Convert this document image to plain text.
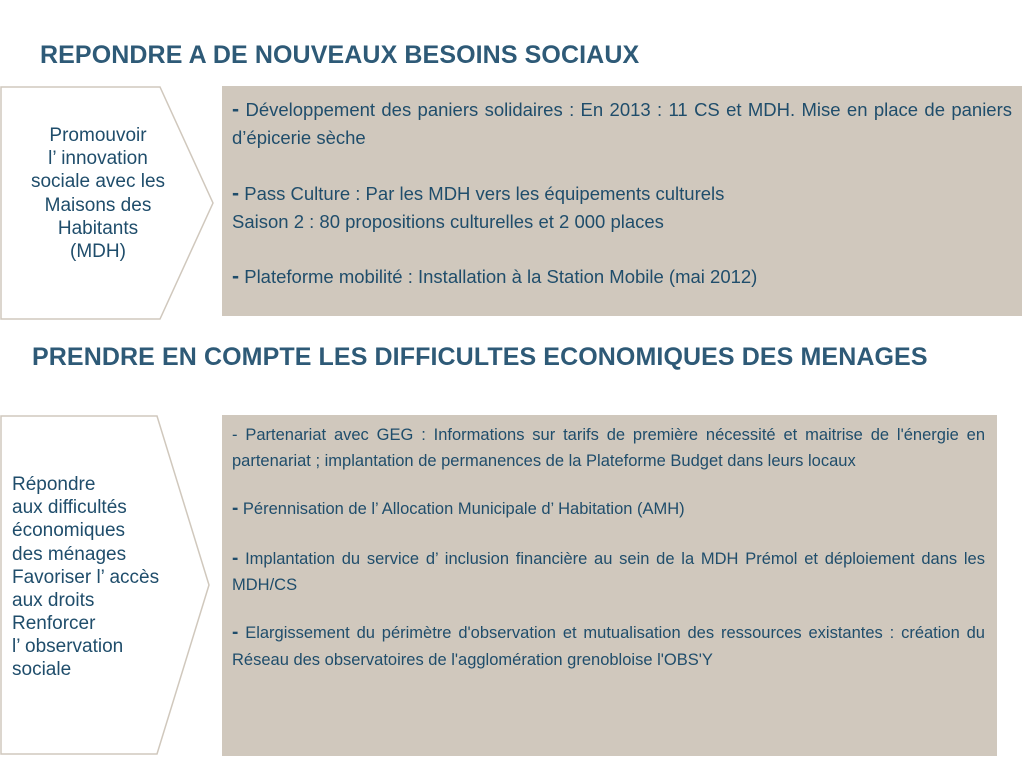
REPONDRE A DE NOUVEAUX BESOINS SOCIAUX
Promouvoir
l’ innovation
sociale avec les
Maisons des
Habitants
(MDH)
- Développement des paniers solidaires : En 2013 : 11 CS et MDH. Mise en place de paniers d’épicerie sèche
- Pass Culture : Par les MDH vers les équipements culturels
Saison 2 : 80 propositions culturelles et 2 000 places
- Plateforme mobilité : Installation à la Station Mobile (mai 2012)
PRENDRE EN COMPTE LES DIFFICULTES ECONOMIQUES DES MENAGES
Répondre
aux difficultés
économiques
des ménages
Favoriser l’ accès
aux droits
Renforcer
l’ observation
sociale
- Partenariat avec GEG : Informations sur tarifs de première nécessité et maitrise de l'énergie en partenariat ; implantation de permanences de la Plateforme Budget dans leurs locaux
- Pérennisation de l’ Allocation Municipale d’ Habitation (AMH)
- Implantation du service d’ inclusion financière au sein de la MDH Prémol et déploiement dans les MDH/CS
- Elargissement du périmètre d'observation et mutualisation des ressources existantes : création du Réseau des observatoires de l'agglomération grenobloise l'OBS'Y
